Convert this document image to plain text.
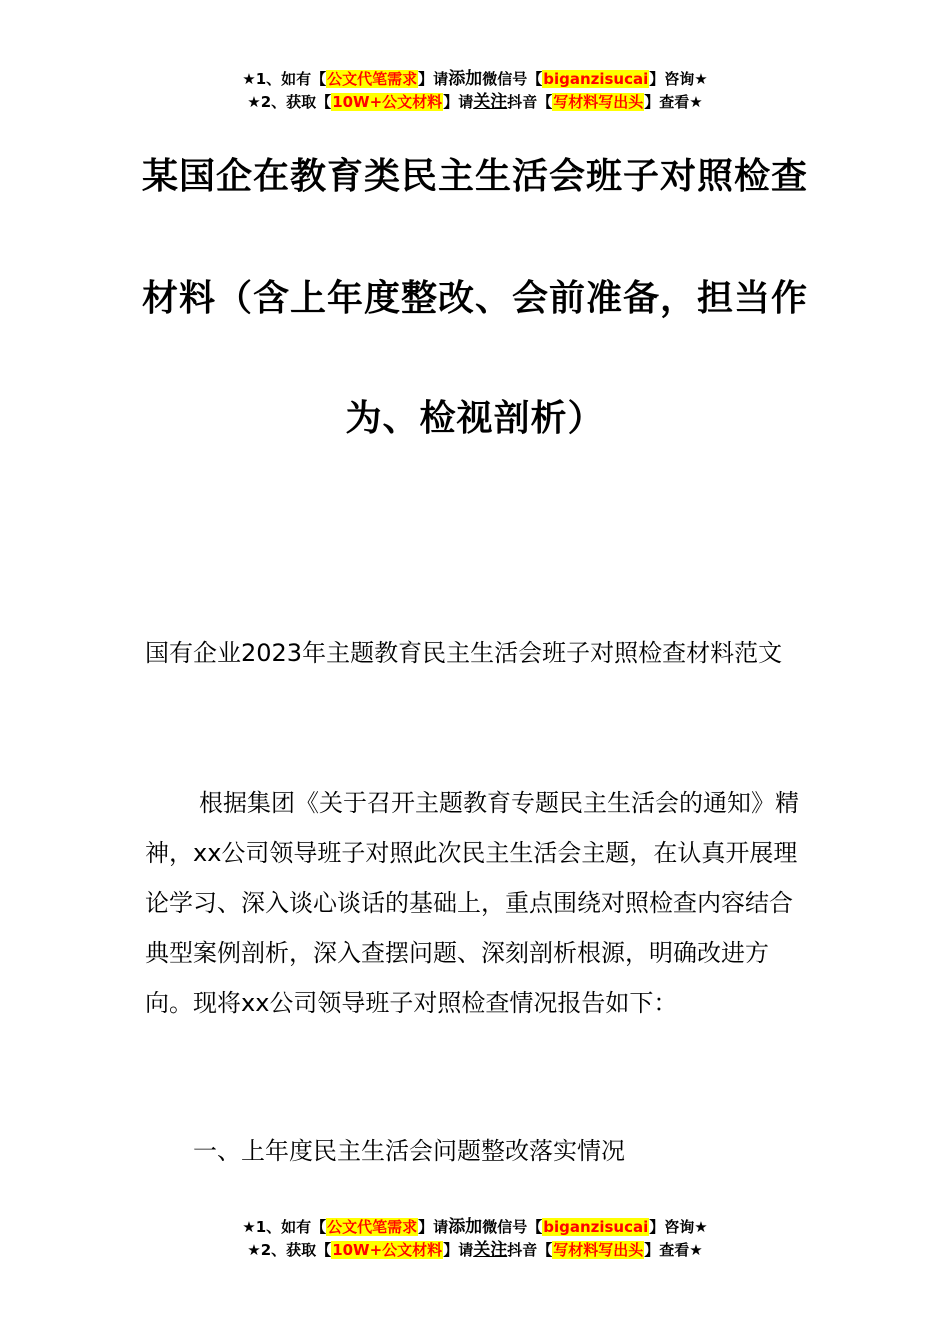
★1、如有【公文代笔需求】请添加微信号【biganzisucai】咨询★
★2、获取【10W+公文材料】请关注抖音【写材料写出头】查看★
某国企在教育类民主生活会班子对照检查
材料（含上年度整改、会前准备，担当作
为、检视剖析）
国有企业2023年主题教育民主生活会班子对照检查材料范文
根据集团《关于召开主题教育专题民主生活会的通知》精神，xx公司领导班子对照此次民主生活会主题，在认真开展理论学习、深入谈心谈话的基础上，重点围绕对照检查内容结合典型案例剖析，深入查摆问题、深刻剖析根源，明确改进方向。现将xx公司领导班子对照检查情况报告如下：
一、上年度民主生活会问题整改落实情况
★1、如有【公文代笔需求】请添加微信号【biganzisucai】咨询★
★2、获取【10W+公文材料】请关注抖音【写材料写出头】查看★
